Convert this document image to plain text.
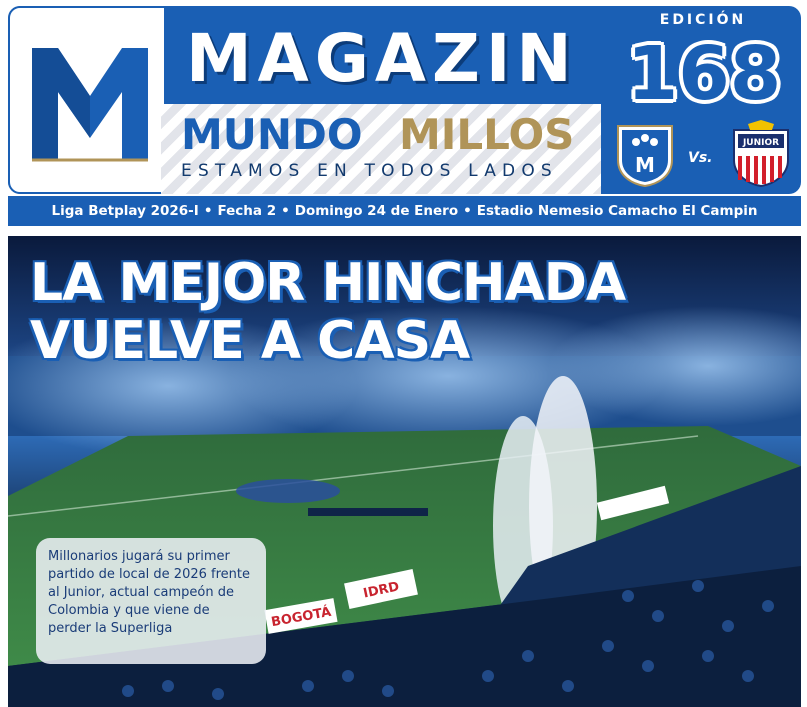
MAGAZIN
MUNDO MILLOS
ESTAMOS EN TODOS LADOS
EDICIÓN
168
M Vs.
JUNIOR
Liga Betplay 2026-I • Fecha 2 • Domingo 24 de Enero • Estadio Nemesio Camacho El Campin
BOGOTÁ
IDRD
LA MEJOR HINCHADA
VUELVE A CASA
Millonarios jugará su primer partido de local de 2026 frente al Junior, actual campeón de Colombia y que viene de perder la Superliga
